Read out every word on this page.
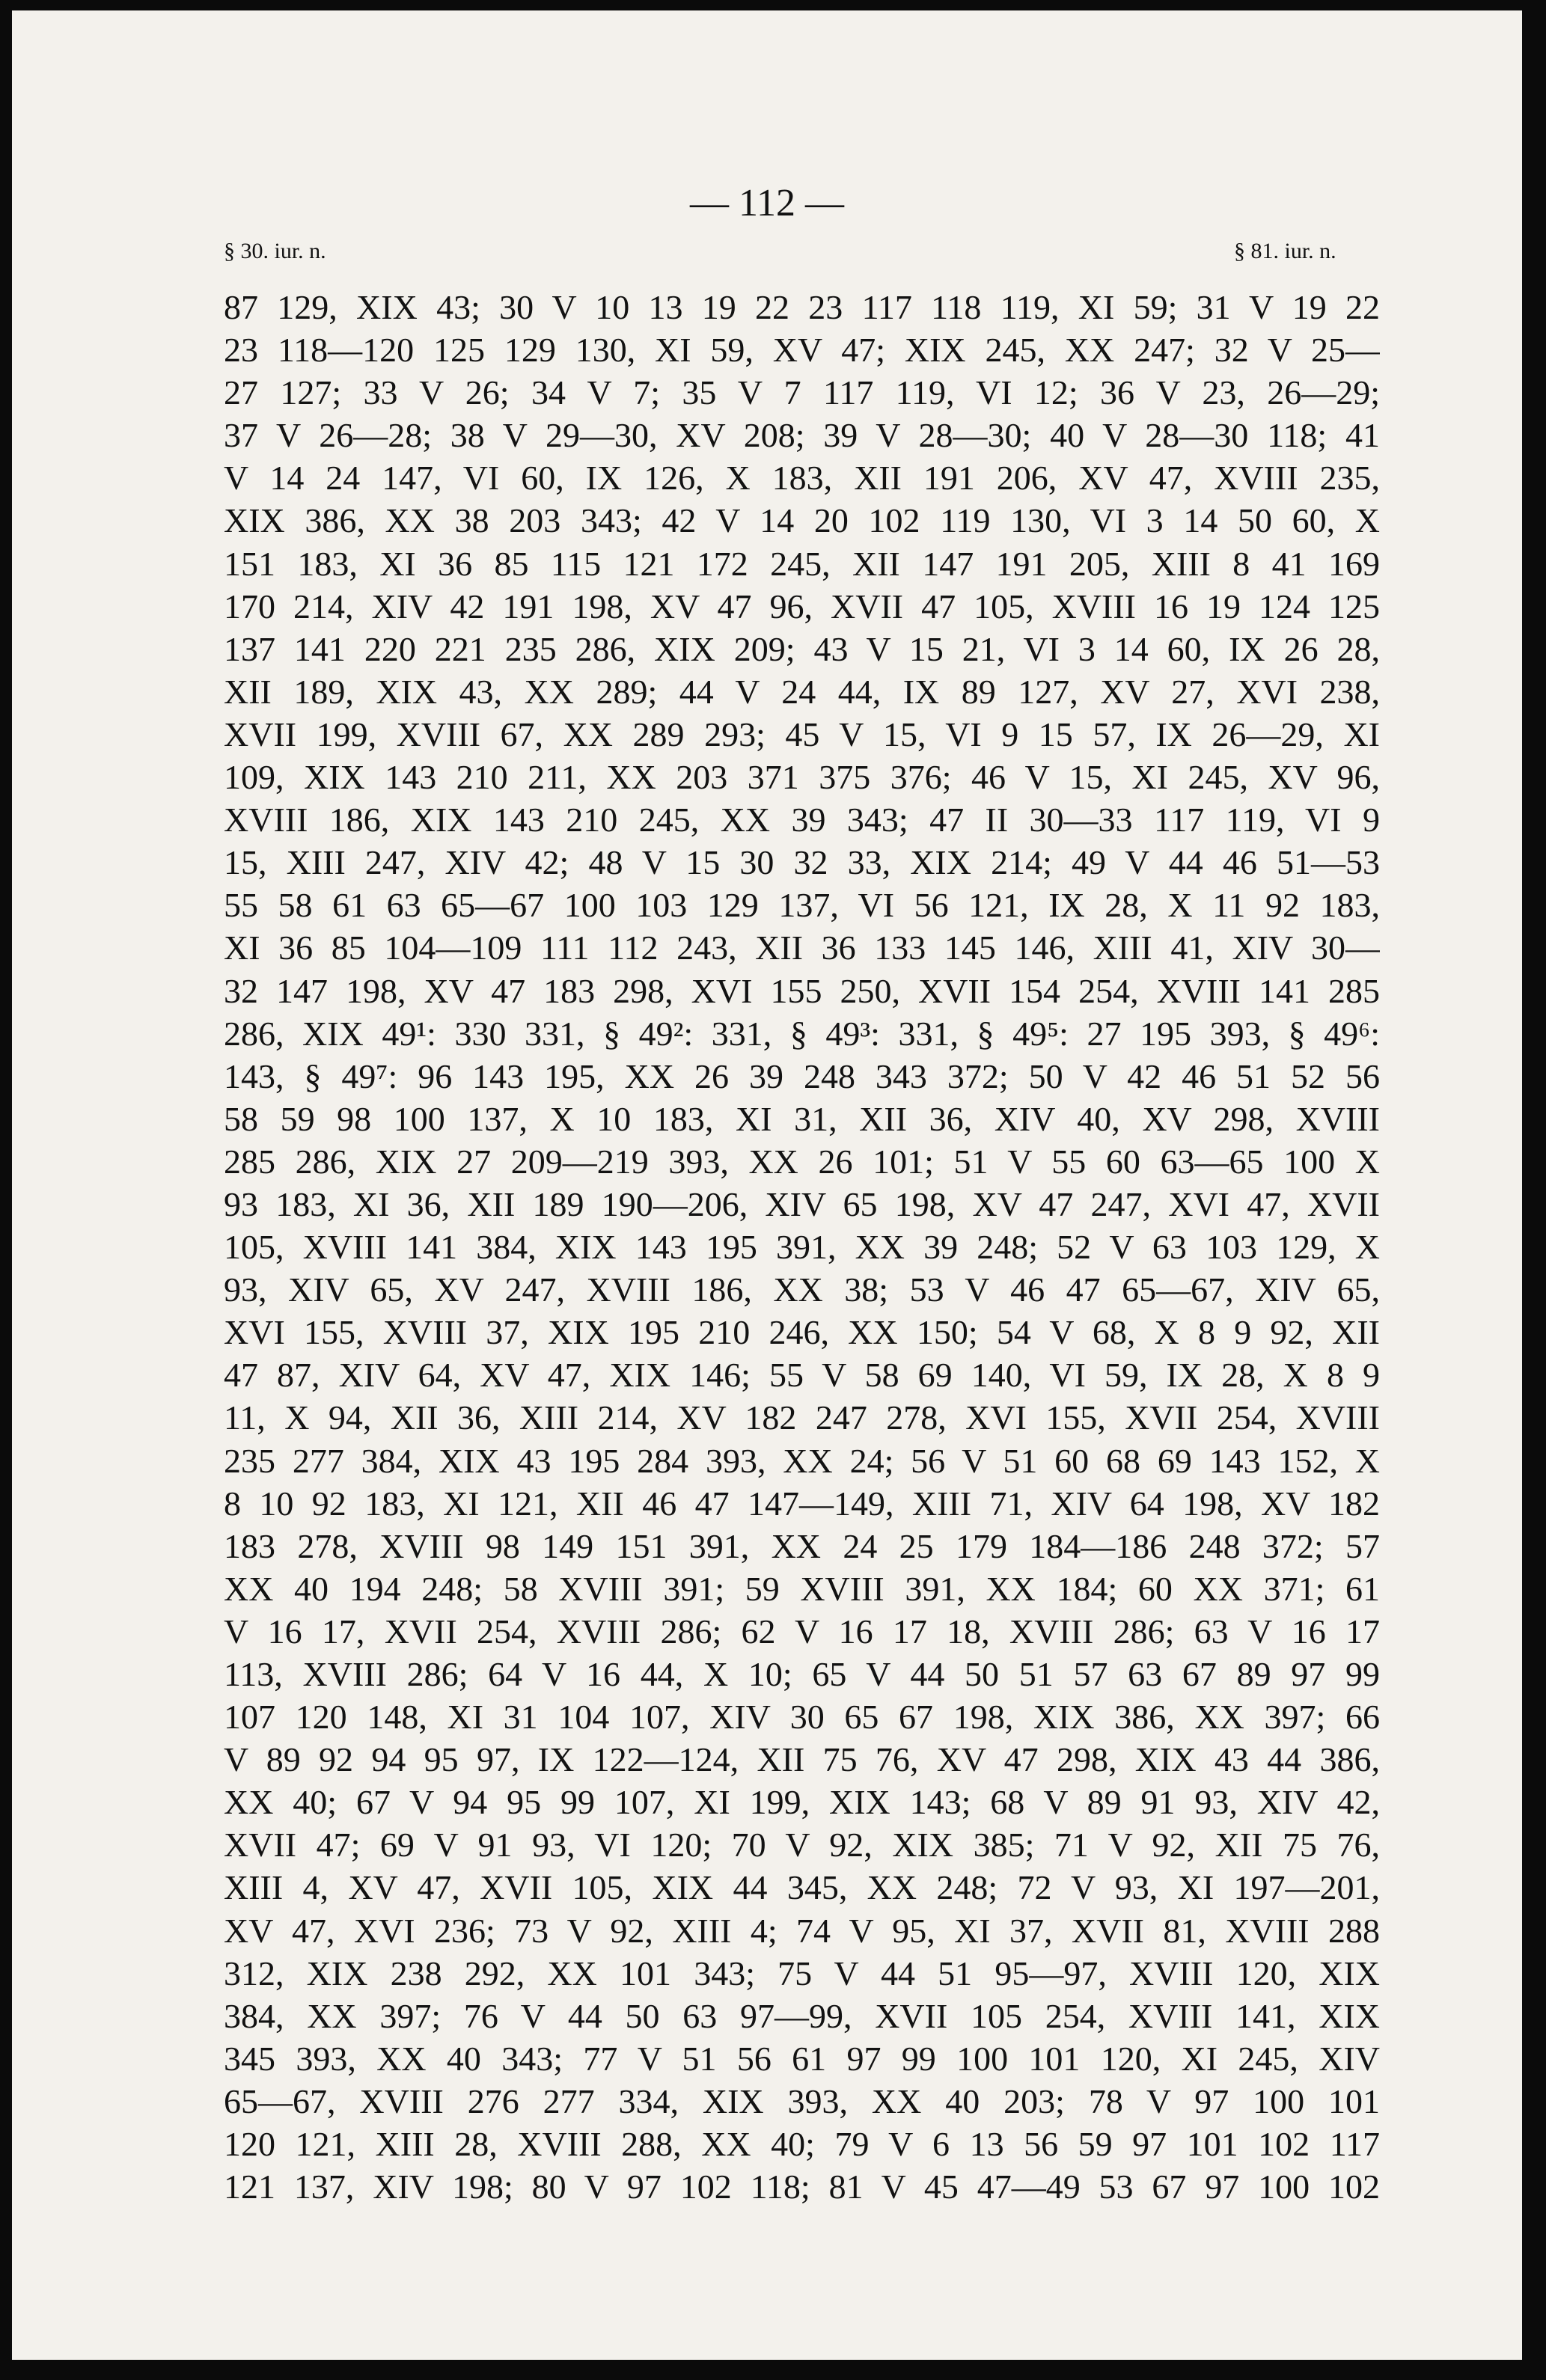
— 112 —
§ 30. iur. n.	§ 81. iur. n.
87 129, XIX 43; 30 V 10 13 19 22 23 117 118 119, XI 59; 31 V 19 22
23 118—120 125 129 130, XI 59, XV 47; XIX 245, XX 247; 32 V 25—
27 127; 33 V 26; 34 V 7; 35 V 7 117 119, VI 12; 36 V 23, 26—29;
37 V 26—28; 38 V 29—30, XV 208; 39 V 28—30; 40 V 28—30 118; 41
V 14 24 147, VI 60, IX 126, X 183, XII 191 206, XV 47, XVIII 235,
XIX 386, XX 38 203 343; 42 V 14 20 102 119 130, VI 3 14 50 60, X
151 183, XI 36 85 115 121 172 245, XII 147 191 205, XIII 8 41 169
170 214, XIV 42 191 198, XV 47 96, XVII 47 105, XVIII 16 19 124 125
137 141 220 221 235 286, XIX 209; 43 V 15 21, VI 3 14 60, IX 26 28,
XII 189, XIX 43, XX 289; 44 V 24 44, IX 89 127, XV 27, XVI 238,
XVII 199, XVIII 67, XX 289 293; 45 V 15, VI 9 15 57, IX 26—29, XI
109, XIX 143 210 211, XX 203 371 375 376; 46 V 15, XI 245, XV 96,
XVIII 186, XIX 143 210 245, XX 39 343; 47 II 30—33 117 119, VI 9
15, XIII 247, XIV 42; 48 V 15 30 32 33, XIX 214; 49 V 44 46 51—53
55 58 61 63 65—67 100 103 129 137, VI 56 121, IX 28, X 11 92 183,
XI 36 85 104—109 111 112 243, XII 36 133 145 146, XIII 41, XIV 30—
32 147 198, XV 47 183 298, XVI 155 250, XVII 154 254, XVIII 141 285
286, XIX 49¹: 330 331, § 49²: 331, § 49³: 331, § 49⁵: 27 195 393, § 49⁶:
143, § 49⁷: 96 143 195, XX 26 39 248 343 372; 50 V 42 46 51 52 56
58 59 98 100 137, X 10 183, XI 31, XII 36, XIV 40, XV 298, XVIII
285 286, XIX 27 209—219 393, XX 26 101; 51 V 55 60 63—65 100 X
93 183, XI 36, XII 189 190—206, XIV 65 198, XV 47 247, XVI 47, XVII
105, XVIII 141 384, XIX 143 195 391, XX 39 248; 52 V 63 103 129, X
93, XIV 65, XV 247, XVIII 186, XX 38; 53 V 46 47 65—67, XIV 65,
XVI 155, XVIII 37, XIX 195 210 246, XX 150; 54 V 68, X 8 9 92, XII
47 87, XIV 64, XV 47, XIX 146; 55 V 58 69 140, VI 59, IX 28, X 8 9
11, X 94, XII 36, XIII 214, XV 182 247 278, XVI 155, XVII 254, XVIII
235 277 384, XIX 43 195 284 393, XX 24; 56 V 51 60 68 69 143 152, X
8 10 92 183, XI 121, XII 46 47 147—149, XIII 71, XIV 64 198, XV 182
183 278, XVIII 98 149 151 391, XX 24 25 179 184—186 248 372; 57
XX 40 194 248; 58 XVIII 391; 59 XVIII 391, XX 184; 60 XX 371; 61
V 16 17, XVII 254, XVIII 286; 62 V 16 17 18, XVIII 286; 63 V 16 17
113, XVIII 286; 64 V 16 44, X 10; 65 V 44 50 51 57 63 67 89 97 99
107 120 148, XI 31 104 107, XIV 30 65 67 198, XIX 386, XX 397; 66
V 89 92 94 95 97, IX 122—124, XII 75 76, XV 47 298, XIX 43 44 386,
XX 40; 67 V 94 95 99 107, XI 199, XIX 143; 68 V 89 91 93, XIV 42,
XVII 47; 69 V 91 93, VI 120; 70 V 92, XIX 385; 71 V 92, XII 75 76,
XIII 4, XV 47, XVII 105, XIX 44 345, XX 248; 72 V 93, XI 197—201,
XV 47, XVI 236; 73 V 92, XIII 4; 74 V 95, XI 37, XVII 81, XVIII 288
312, XIX 238 292, XX 101 343; 75 V 44 51 95—97, XVIII 120, XIX
384, XX 397; 76 V 44 50 63 97—99, XVII 105 254, XVIII 141, XIX
345 393, XX 40 343; 77 V 51 56 61 97 99 100 101 120, XI 245, XIV
65—67, XVIII 276 277 334, XIX 393, XX 40 203; 78 V 97 100 101
120 121, XIII 28, XVIII 288, XX 40; 79 V 6 13 56 59 97 101 102 117
121 137, XIV 198; 80 V 97 102 118; 81 V 45 47—49 53 67 97 100 102
